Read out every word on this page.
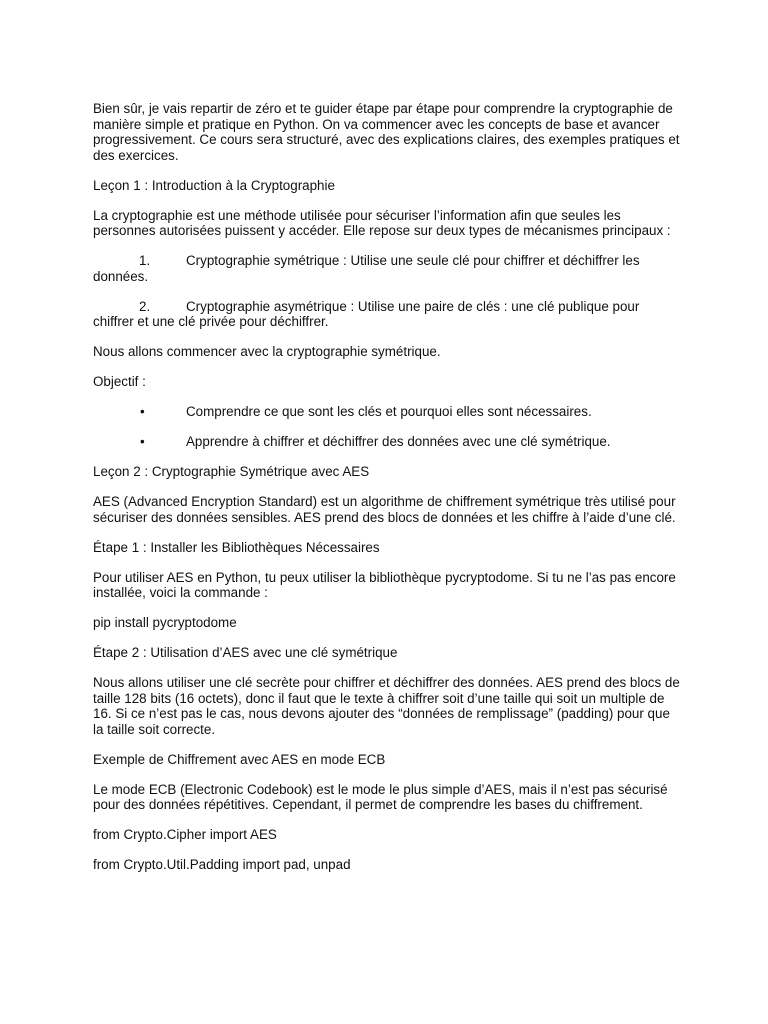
Bien sûr, je vais repartir de zéro et te guider étape par étape pour comprendre la cryptographie de manière simple et pratique en Python. On va commencer avec les concepts de base et avancer progressivement. Ce cours sera structuré, avec des explications claires, des exemples pratiques et des exercices.

Leçon 1 : Introduction à la Cryptographie

La cryptographie est une méthode utilisée pour sécuriser l’information afin que seules les personnes autorisées puissent y accéder. Elle repose sur deux types de mécanismes principaux :

1.	Cryptographie symétrique : Utilise une seule clé pour chiffrer et déchiffrer les
données.
2.	Cryptographie asymétrique : Utilise une paire de clés : une clé publique pour
chiffrer et une clé privée pour déchiffrer.

Nous allons commencer avec la cryptographie symétrique.

Objectif :

•	Comprendre ce que sont les clés et pourquoi elles sont nécessaires.
•	Apprendre à chiffrer et déchiffrer des données avec une clé symétrique.

Leçon 2 : Cryptographie Symétrique avec AES

AES (Advanced Encryption Standard) est un algorithme de chiffrement symétrique très utilisé pour sécuriser des données sensibles. AES prend des blocs de données et les chiffre à l’aide d’une clé.

Étape 1 : Installer les Bibliothèques Nécessaires

Pour utiliser AES en Python, tu peux utiliser la bibliothèque pycryptodome. Si tu ne l’as pas encore installée, voici la commande :

pip install pycryptodome

Étape 2 : Utilisation d’AES avec une clé symétrique

Nous allons utiliser une clé secrète pour chiffrer et déchiffrer des données. AES prend des blocs de taille 128 bits (16 octets), donc il faut que le texte à chiffrer soit d’une taille qui soit un multiple de 16. Si ce n’est pas le cas, nous devons ajouter des “données de remplissage” (padding) pour que la taille soit correcte.

Exemple de Chiffrement avec AES en mode ECB

Le mode ECB (Electronic Codebook) est le mode le plus simple d’AES, mais il n’est pas sécurisé pour des données répétitives. Cependant, il permet de comprendre les bases du chiffrement.

from Crypto.Cipher import AES

from Crypto.Util.Padding import pad, unpad
